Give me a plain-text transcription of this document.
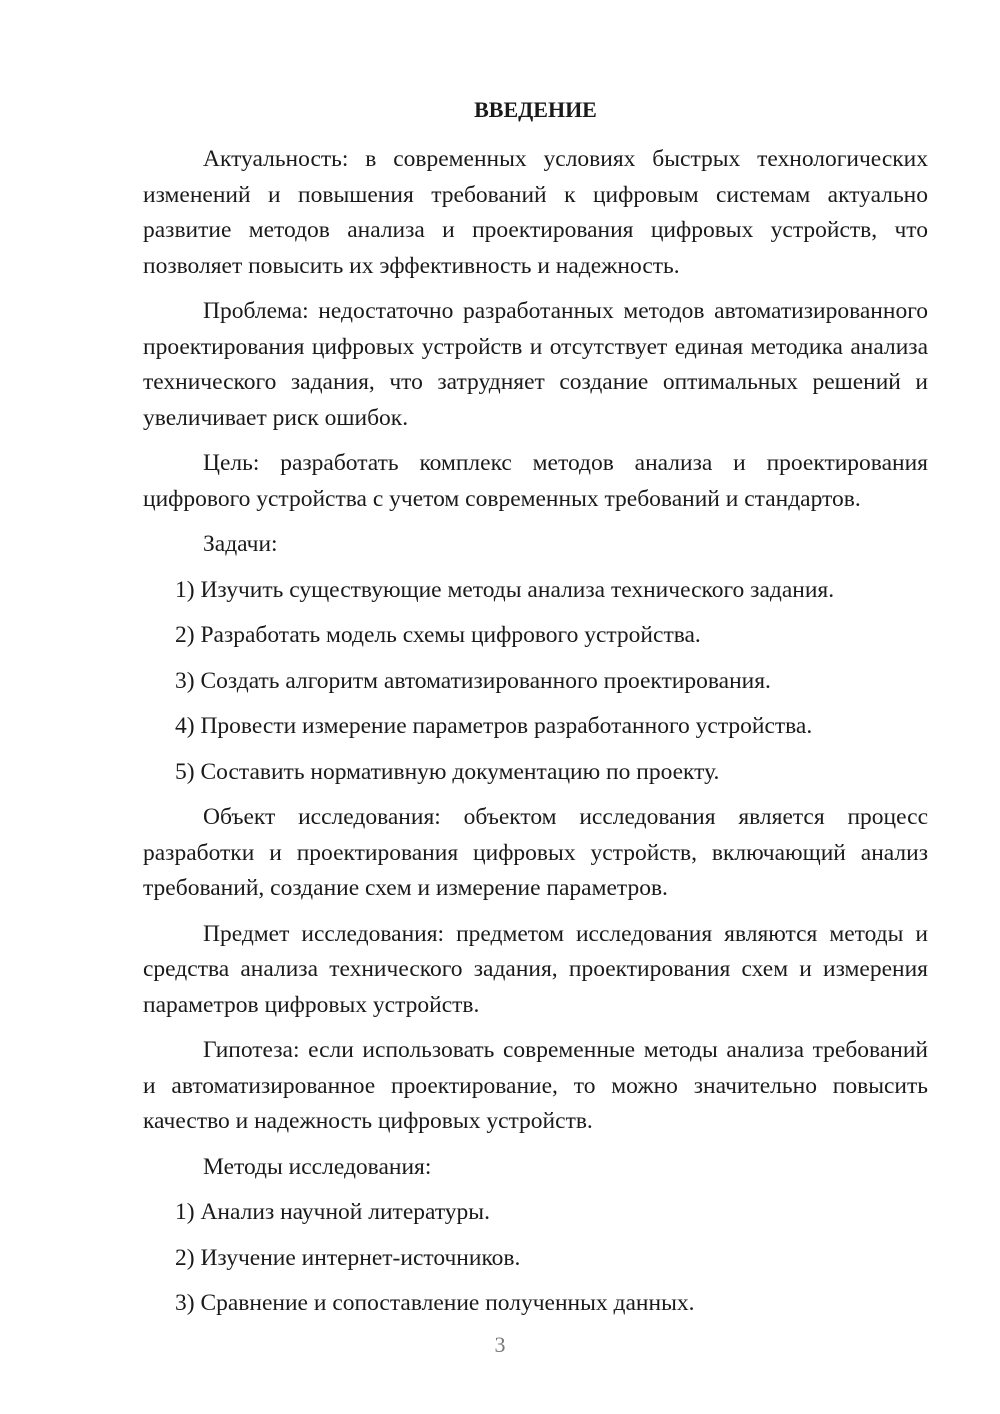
ВВЕДЕНИЕ

Актуальность: в современных условиях быстрых технологических изменений и повышения требований к цифровым системам актуально развитие методов анализа и проектирования цифровых устройств, что позволяет повысить их эффективность и надежность.

Проблема: недостаточно разработанных методов автоматизированного проектирования цифровых устройств и отсутствует единая методика анализа технического задания, что затрудняет создание оптимальных решений и увеличивает риск ошибок.

Цель: разработать комплекс методов анализа и проектирования цифрового устройства с учетом современных требований и стандартов.

Задачи:

1) Изучить существующие методы анализа технического задания.

2) Разработать модель схемы цифрового устройства.

3) Создать алгоритм автоматизированного проектирования.

4) Провести измерение параметров разработанного устройства.

5) Составить нормативную документацию по проекту.

Объект исследования: объектом исследования является процесс разработки и проектирования цифровых устройств, включающий анализ требований, создание схем и измерение параметров.

Предмет исследования: предметом исследования являются методы и средства анализа технического задания, проектирования схем и измерения параметров цифровых устройств.

Гипотеза: если использовать современные методы анализа требований и автоматизированное проектирование, то можно значительно повысить качество и надежность цифровых устройств.

Методы исследования:

1) Анализ научной литературы.

2) Изучение интернет-источников.

3) Сравнение и сопоставление полученных данных.

3
